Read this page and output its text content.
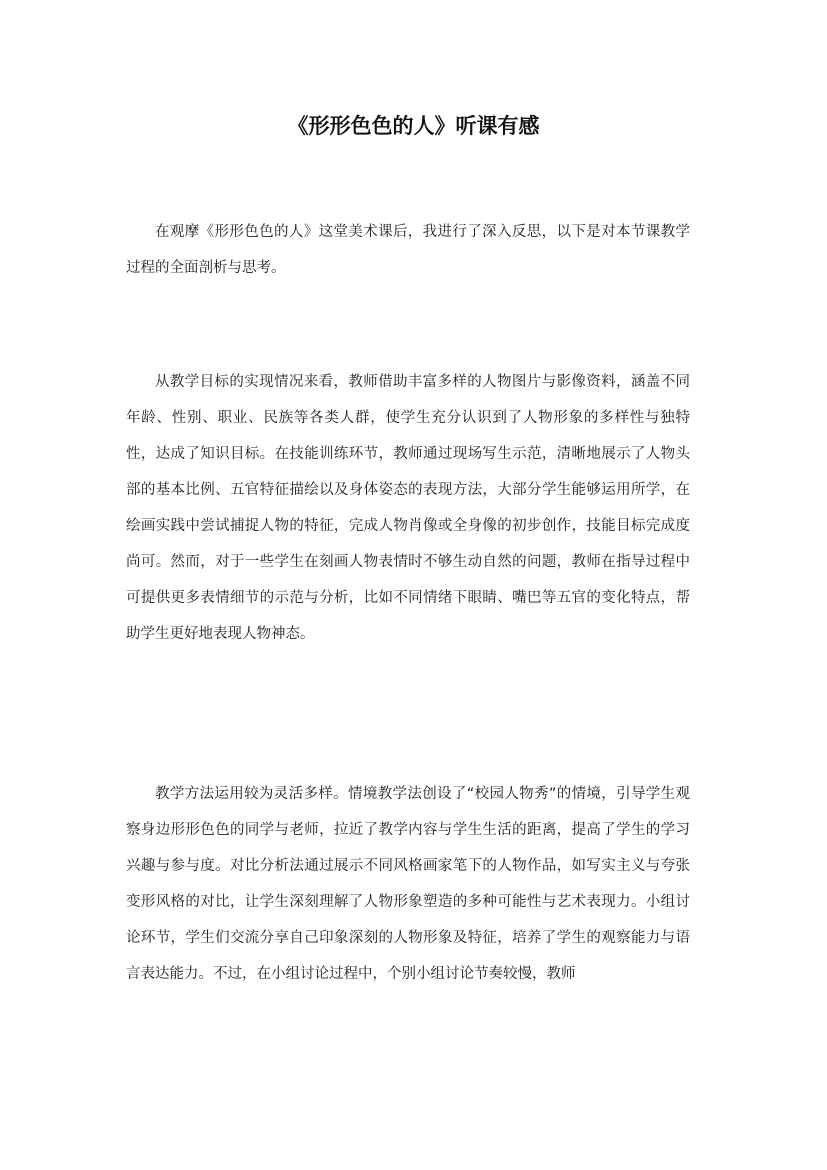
《形形色色的人》听课有感

在观摩《形形色色的人》这堂美术课后，我进行了深入反思，以下是对本节课教学过程的全面剖析与思考。

从教学目标的实现情况来看，教师借助丰富多样的人物图片与影像资料，涵盖不同年龄、性别、职业、民族等各类人群，使学生充分认识到了人物形象的多样性与独特性，达成了知识目标。在技能训练环节，教师通过现场写生示范，清晰地展示了人物头部的基本比例、五官特征描绘以及身体姿态的表现方法，大部分学生能够运用所学，在绘画实践中尝试捕捉人物的特征，完成人物肖像或全身像的初步创作，技能目标完成度尚可。然而，对于一些学生在刻画人物表情时不够生动自然的问题，教师在指导过程中可提供更多表情细节的示范与分析，比如不同情绪下眼睛、嘴巴等五官的变化特点，帮助学生更好地表现人物神态。

教学方法运用较为灵活多样。情境教学法创设了“校园人物秀”的情境，引导学生观察身边形形色色的同学与老师，拉近了教学内容与学生生活的距离，提高了学生的学习兴趣与参与度。对比分析法通过展示不同风格画家笔下的人物作品，如写实主义与夸张变形风格的对比，让学生深刻理解了人物形象塑造的多种可能性与艺术表现力。小组讨论环节，学生们交流分享自己印象深刻的人物形象及特征，培养了学生的观察能力与语言表达能力。不过，在小组讨论过程中，个别小组讨论节奏较慢，教师
